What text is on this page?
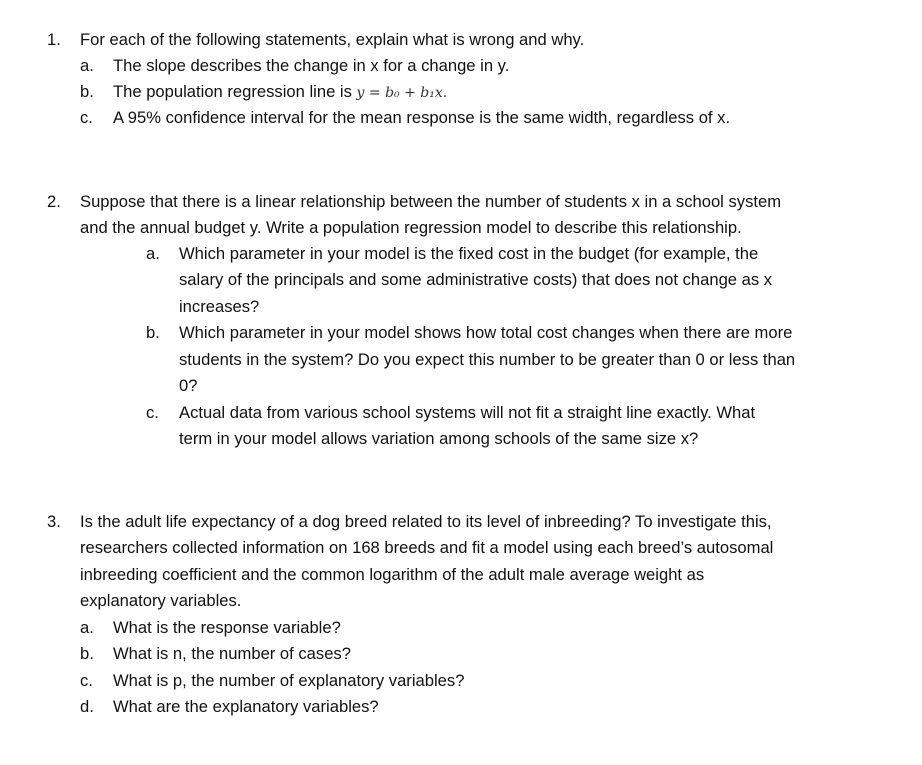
1. For each of the following statements, explain what is wrong and why.
a. The slope describes the change in x for a change in y.
b. The population regression line is y = b₀ + b₁x.
c. A 95% confidence interval for the mean response is the same width, regardless of x.
2. Suppose that there is a linear relationship between the number of students x in a school system
and the annual budget y. Write a population regression model to describe this relationship.
a. Which parameter in your model is the fixed cost in the budget (for example, the
salary of the principals and some administrative costs) that does not change as x
increases?
b. Which parameter in your model shows how total cost changes when there are more
students in the system? Do you expect this number to be greater than 0 or less than
0?
c. Actual data from various school systems will not fit a straight line exactly. What
term in your model allows variation among schools of the same size x?
3. Is the adult life expectancy of a dog breed related to its level of inbreeding? To investigate this,
researchers collected information on 168 breeds and fit a model using each breed’s autosomal
inbreeding coefficient and the common logarithm of the adult male average weight as
explanatory variables.
a. What is the response variable?
b. What is n, the number of cases?
c. What is p, the number of explanatory variables?
d. What are the explanatory variables?
